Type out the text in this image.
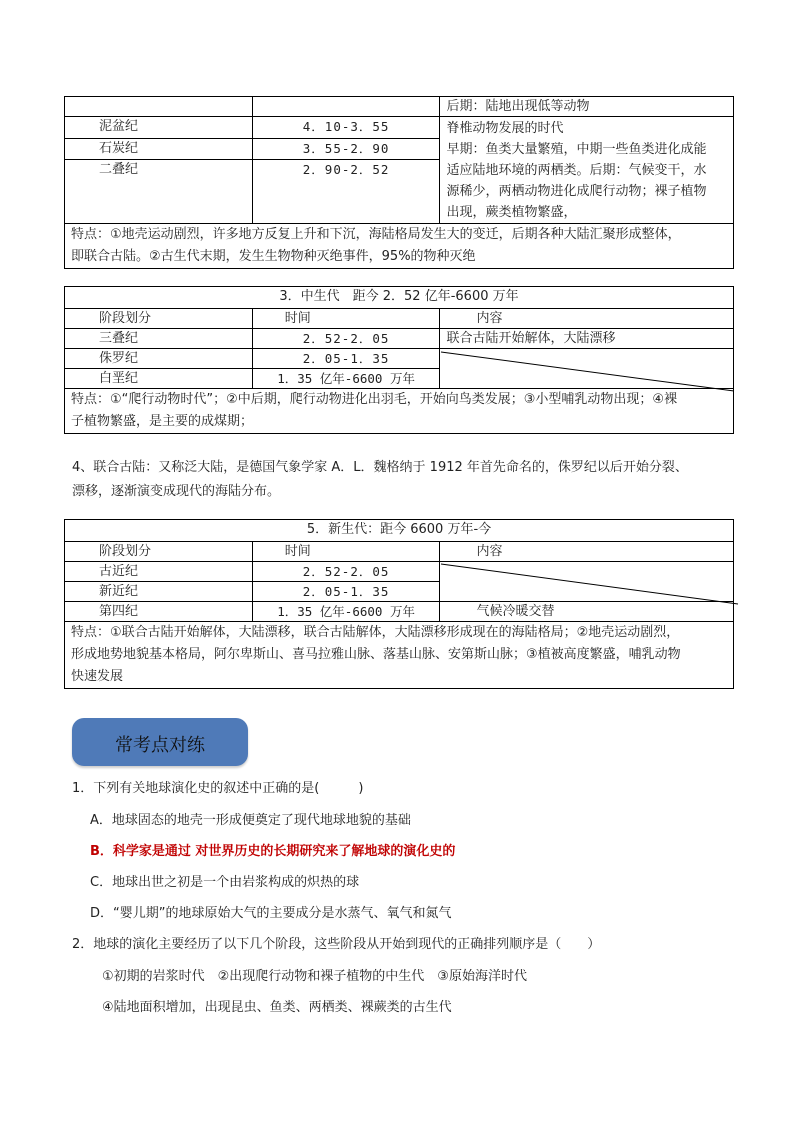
		后期：陆地出现低等动物
泥盆纪	4．10-3．55	脊椎动物发展的时代
早期：鱼类大量繁殖，中期一些鱼类进化成能
适应陆地环境的两栖类。后期：气候变干，水
源稀少，两栖动物进化成爬行动物；裸子植物
出现，蕨类植物繁盛，

石炭纪	3．55-2．90	
二叠纪	2．90-2．52	

特点：①地壳运动剧烈，许多地方反复上升和下沉，海陆格局发生大的变迁，后期各种大陆汇聚形成整体，
即联合古陆。②古生代末期，发生生物物种灭绝事件，95%的物种灭绝		
3．中生代　距今 2．52 亿年-6600 万年		
阶段划分	时间	内容
三叠纪	2．52-2．05	联合古陆开始解体，大陆漂移
侏罗纪	2．05-1．35	
白垩纪	1．35 亿年-6600 万年	

特点：①“爬行动物时代”；②中后期，爬行动物进化出羽毛，开始向鸟类发展；③小型哺乳动物出现；④裸
子植物繁盛，是主要的成煤期；		
4、联合古陆：又称泛大陆，是德国气象学家 A．L．魏格纳于 1912 年首先命名的，侏罗纪以后开始分裂、
漂移，逐渐演变成现代的海陆分布。
5．新生代：距今 6600 万年-今		
阶段划分	时间	内容
古近纪	2．52-2．05	
新近纪	2．05-1．35	
第四纪	1．35 亿年-6600 万年	气候冷暖交替

特点：①联合古陆开始解体，大陆漂移，联合古陆解体，大陆漂移形成现在的海陆格局；②地壳运动剧烈，
形成地势地貌基本格局，阿尔卑斯山、喜马拉雅山脉、落基山脉、安第斯山脉；③植被高度繁盛，哺乳动物
快速发展		
常考点对练
1．下列有关地球演化史的叙述中正确的是(　　　)
A．地球固态的地壳一形成便奠定了现代地球地貌的基础
B．科学家是通过 对世界历史的长期研究来了解地球的演化史的
C．地球出世之初是一个由岩浆构成的炽热的球
D．“婴儿期”的地球原始大气的主要成分是水蒸气、氧气和氮气
2．地球的演化主要经历了以下几个阶段，这些阶段从开始到现代的正确排列顺序是（　　）
①初期的岩浆时代　②出现爬行动物和裸子植物的中生代　③原始海洋时代
④陆地面积增加，出现昆虫、鱼类、两栖类、裸蕨类的古生代
